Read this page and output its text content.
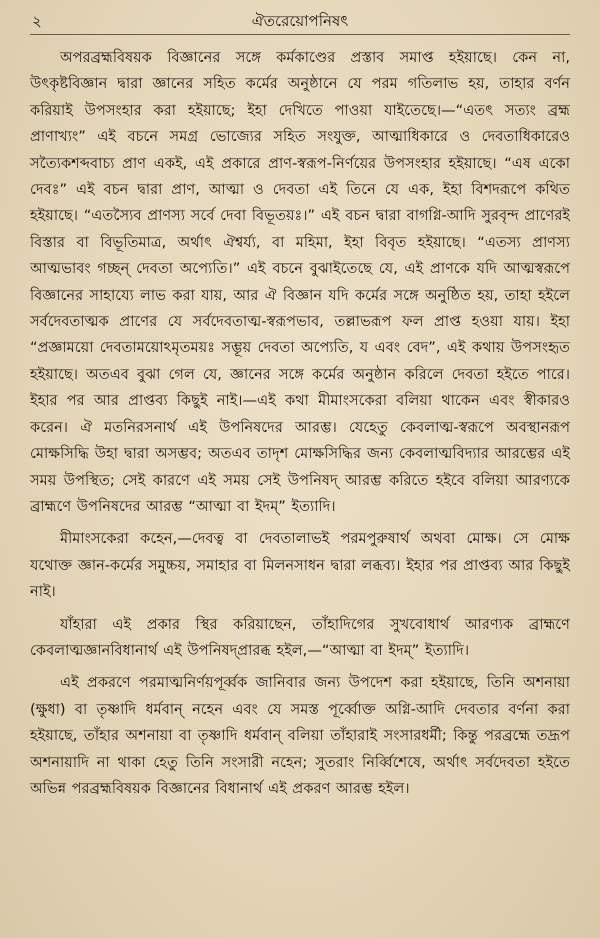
২	ঐতরেয়োপনিষৎ

অপরব্রহ্মবিষয়ক বিজ্ঞানের সঙ্গে কর্মকাণ্ডের প্রস্তাব সমাপ্ত হইয়াছে। কেন না, উৎকৃষ্টবিজ্ঞান দ্বারা জ্ঞানের সহিত কর্মের অনুষ্ঠানে যে পরম গতিলাভ হয়, তাহার বর্ণন করিয়াই উপসংহার করা হইয়াছে; ইহা দেখিতে পাওয়া যাইতেছে।—“এতৎ সত্যং ব্রহ্ম প্রাণাখ্যং” এই বচনে সমগ্র ভোজ্যের সহিত সংযুক্ত, আত্মাধিকারে ও দেবতাধিকারেও সত্যৈকশব্দবাচ্য প্রাণ একই, এই প্রকারে প্রাণ-স্বরূপ-নির্ণয়ের উপসংহার হইয়াছে। “এষ একো দেবঃ” এই বচন দ্বারা প্রাণ, আত্মা ও দেবতা এই তিনে যে এক, ইহা বিশদরূপে কথিত হইয়াছে। “এতস্যৈব প্রাণস্য সর্বে দেবা বিভূতয়ঃ।” এই বচন দ্বারা বাগগ্নি-আদি সুরবৃন্দ প্রাণেরই বিস্তার বা বিভূতিমাত্র, অর্থাৎ ঐশ্বর্য্য, বা মহিমা, ইহা বিবৃত হইয়াছে। “এতস্য প্রাণস্য আত্মভাবং গচ্ছন্ দেবতা অপ্যেতি।” এই বচনে বুঝাইতেছে যে, এই প্রাণকে যদি আত্মস্বরূপে বিজ্ঞানের সাহায্যে লাভ করা যায়, আর ঐ বিজ্ঞান যদি কর্মের সঙ্গে অনুষ্ঠিত হয়, তাহা হইলে সর্বদেবতাত্মক প্রাণের যে সর্বদেবতাত্ম-স্বরূপভাব, তল্লাভরূপ ফল প্রাপ্ত হওয়া যায়। ইহা “প্রজ্ঞাময়ো দেবতাময়োঽমৃতময়ঃ সম্ভূয় দেবতা অপ্যেতি, য এবং বেদ”, এই কথায় উপসংহৃত হইয়াছে। অতএব বুঝা গেল যে, জ্ঞানের সঙ্গে কর্মের অনুষ্ঠান করিলে দেবতা হইতে পারে। ইহার পর আর প্রাপ্তব্য কিছুই নাই।—এই কথা মীমাংসকেরা বলিয়া থাকেন এবং স্বীকারও করেন। ঐ মতনিরসনার্থ এই উপনিষদের আরম্ভ। যেহেতু কেবলাত্ম-স্বরূপে অবস্থানরূপ মোক্ষসিদ্ধি উহা দ্বারা অসম্ভব; অতএব তাদৃশ মোক্ষসিদ্ধির জন্য কেবলাত্মবিদ্যার আরম্ভের এই সময় উপস্থিত; সেই কারণে এই সময় সেই উপনিষদ্ আরম্ভ করিতে হইবে বলিয়া আরণ্যকে ব্রাহ্মণে উপনিষদের আরম্ভ “আত্মা বা ইদম্” ইত্যাদি।

মীমাংসকেরা কহেন,—দেবত্ব বা দেবতালাভই পরমপুরুষার্থ অথবা মোক্ষ। সে মোক্ষ যথোক্ত জ্ঞান-কর্মের সমুচ্চয়, সমাহার বা মিলনসাধন দ্বারা লব্ধব্য। ইহার পর প্রাপ্তব্য আর কিছুই নাই।

যাঁহারা এই প্রকার স্থির করিয়াছেন, তাঁহাদিগের সুখবোধার্থ আরণ্যক ব্রাহ্মণে কেবলাত্মজ্ঞানবিধানার্থ এই উপনিষদ্‌প্রারব্ধ হইল,—“আত্মা বা ইদম্” ইত্যাদি।

এই প্রকরণে পরমাত্মনির্ণয়পূর্ব্বক জানিবার জন্য উপদেশ করা হইয়াছে, তিনি অশনায়া (ক্ষুধা) বা তৃষ্ণাদি ধর্মবান্ নহেন এবং যে সমস্ত পূর্ব্বোক্ত অগ্নি-আদি দেবতার বর্ণনা করা হইয়াছে, তাঁহার অশনায়া বা তৃষ্ণাদি ধর্মবান্ বলিয়া তাঁহারাই সংসারধর্মী; কিন্তু পরব্রহ্মে তদ্রূপ অশনায়াদি না থাকা হেতু তিনি সংসারী নহেন; সুতরাং নির্ব্বিশেষে, অর্থাৎ সর্বদেবতা হইতে অভিন্ন পরব্রহ্মবিষয়ক বিজ্ঞানের বিধানার্থ এই প্রকরণ আরম্ভ হইল।
